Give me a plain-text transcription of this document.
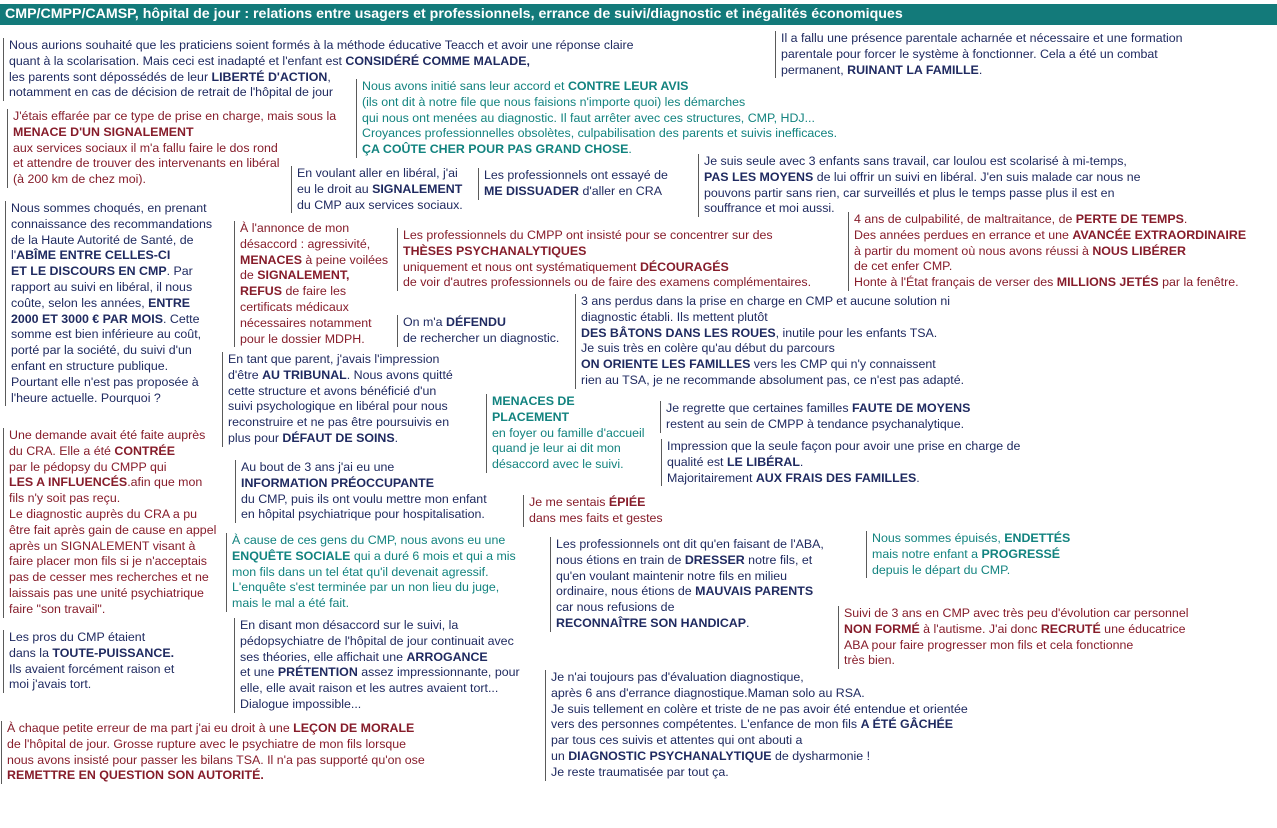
CMP/CMPP/CAMSP, hôpital de jour : relations entre usagers et professionnels, errance de suivi/diagnostic et inégalités économiques
Nous aurions souhaité que les praticiens soient formés à la méthode éducative Teacch et avoir une réponse claire
quant à la scolarisation. Mais ceci est inadapté et l'enfant est CONSIDÉRÉ COMME MALADE,
les parents sont dépossédés de leur LIBERTÉ D'ACTION,
notamment en cas de décision de retrait de l'hôpital de jour
Il a fallu une présence parentale acharnée et nécessaire et une formation
parentale pour forcer le système à fonctionner. Cela a été un combat
permanent, RUINANT LA FAMILLE.
Nous avons initié sans leur accord et CONTRE LEUR AVIS
(ils ont dit à notre file que nous faisions n'importe quoi) les démarches
qui nous ont menées au diagnostic. Il faut arrêter avec ces structures, CMP, HDJ...
Croyances professionnelles obsolètes, culpabilisation des parents et suivis inefficaces.
ÇA COÛTE CHER POUR PAS GRAND CHOSE.
J'étais effarée par ce type de prise en charge, mais sous la
MENACE D'UN SIGNALEMENT
aux services sociaux il m'a fallu faire le dos rond
et attendre de trouver des intervenants en libéral
(à 200 km de chez moi).	En voulant aller en libéral, j'ai
eu le droit au SIGNALEMENT
du CMP aux services sociaux.
Les professionnels ont essayé de
ME DISSUADER d'aller en CRA
Je suis seule avec 3 enfants sans travail, car loulou est scolarisé à mi-temps,
PAS LES MOYENS de lui offrir un suivi en libéral. J'en suis malade car nous ne
pouvons partir sans rien, car surveillés et plus le temps passe plus il est en
souffrance et moi aussi.
Nous sommes choqués, en prenant
connaissance des recommandations
de la Haute Autorité de Santé, de
l'ABÎME ENTRE CELLES-CI
ET LE DISCOURS EN CMP. Par
rapport au suivi en libéral, il nous
coûte, selon les années, ENTRE
2000 ET 3000 € PAR MOIS. Cette
somme est bien inférieure au coût,
porté par la société, du suivi d'un
enfant en structure publique.
Pourtant elle n'est pas proposée à
l'heure actuelle. Pourquoi ?
À l'annonce de mon
désaccord : agressivité,
MENACES à peine voilées
de SIGNALEMENT,
REFUS de faire les
certificats médicaux
nécessaires notamment
pour le dossier MDPH.
Les professionnels du CMPP ont insisté pour se concentrer sur des
THÈSES PSYCHANALYTIQUES
uniquement et nous ont systématiquement DÉCOURAGÉS
de voir d'autres professionnels ou de faire des examens complémentaires.
4 ans de culpabilité, de maltraitance, de PERTE DE TEMPS.
Des années perdues en errance et une AVANCÉE EXTRAORDINAIRE
à partir du moment où nous avons réussi à NOUS LIBÉRER
de cet enfer CMP.
Honte à l'État français de verser des MILLIONS JETÉS par la fenêtre.
3 ans perdus dans la prise en charge en CMP et aucune solution ni
diagnostic établi. Ils mettent plutôt
DES BÂTONS DANS LES ROUES, inutile pour les enfants TSA.
Je suis très en colère qu'au début du parcours
ON ORIENTE LES FAMILLES vers les CMP qui n'y connaissent
rien au TSA, je ne recommande absolument pas, ce n'est pas adapté.
On m'a DÉFENDU
de rechercher un diagnostic.
En tant que parent, j'avais l'impression
d'être AU TRIBUNAL. Nous avons quitté
cette structure et avons bénéficié d'un
suivi psychologique en libéral pour nous
reconstruire et ne pas être poursuivis en
plus pour DÉFAUT DE SOINS.
MENACES DE
PLACEMENT
en foyer ou famille d'accueil
quand je leur ai dit mon
désaccord avec le suivi.
Je regrette que certaines familles FAUTE DE MOYENS
restent au sein de CMPP à tendance psychanalytique.
Impression que la seule façon pour avoir une prise en charge de
qualité est LE LIBÉRAL.
Majoritairement AUX FRAIS DES FAMILLES.
Une demande avait été faite auprès
du CRA. Elle a été CONTRÉE
par le pédopsy du CMPP qui
LES A INFLUENCÉS.afin que mon
fils n'y soit pas reçu.
Le diagnostic auprès du CRA a pu
être fait après gain de cause en appel
après un SIGNALEMENT visant à
faire placer mon fils si je n'acceptais
pas de cesser mes recherches et ne
laissais pas une unité psychiatrique
faire "son travail".
Au bout de 3 ans j'ai eu une
INFORMATION PRÉOCCUPANTE
du CMP, puis ils ont voulu mettre mon enfant
en hôpital psychiatrique pour hospitalisation.
Je me sentais ÉPIÉE
dans mes faits et gestes
À cause de ces gens du CMP, nous avons eu une
ENQUÊTE SOCIALE qui a duré 6 mois et qui a mis
mon fils dans un tel état qu'il devenait agressif.
L'enquête s'est terminée par un non lieu du juge,
mais le mal a été fait.
Les professionnels ont dit qu'en faisant de l'ABA,
nous étions en train de DRESSER notre fils, et
qu'en voulant maintenir notre fils en milieu
ordinaire, nous étions de MAUVAIS PARENTS
car nous refusions de
RECONNAÎTRE SON HANDICAP.
Nous sommes épuisés, ENDETTÉS
mais notre enfant a PROGRESSÉ
depuis le départ du CMP.
Suivi de 3 ans en CMP avec très peu d'évolution car personnel
NON FORMÉ à l'autisme. J'ai donc RECRUTÉ une éducatrice
ABA pour faire progresser mon fils et cela fonctionne
très bien.
Les pros du CMP étaient
dans la TOUTE-PUISSANCE.
Ils avaient forcément raison et
moi j'avais tort.
En disant mon désaccord sur le suivi, la
pédopsychiatre de l'hôpital de jour continuait avec
ses théories, elle affichait une ARROGANCE
et une PRÉTENTION assez impressionnante, pour
elle, elle avait raison et les autres avaient tort...
Dialogue impossible...
Je n'ai toujours pas d'évaluation diagnostique,
après 6 ans d'errance diagnostique.Maman solo au RSA.
Je suis tellement en colère et triste de ne pas avoir été entendue et orientée
vers des personnes compétentes. L'enfance de mon fils A ÉTÉ GÂCHÉE
par tous ces suivis et attentes qui ont abouti a
un DIAGNOSTIC PSYCHANALYTIQUE de dysharmonie !
Je reste traumatisée par tout ça.
À chaque petite erreur de ma part j'ai eu droit à une LEÇON DE MORALE
de l'hôpital de jour. Grosse rupture avec le psychiatre de mon fils lorsque
nous avons insisté pour passer les bilans TSA. Il n'a pas supporté qu'on ose
REMETTRE EN QUESTION SON AUTORITÉ.
